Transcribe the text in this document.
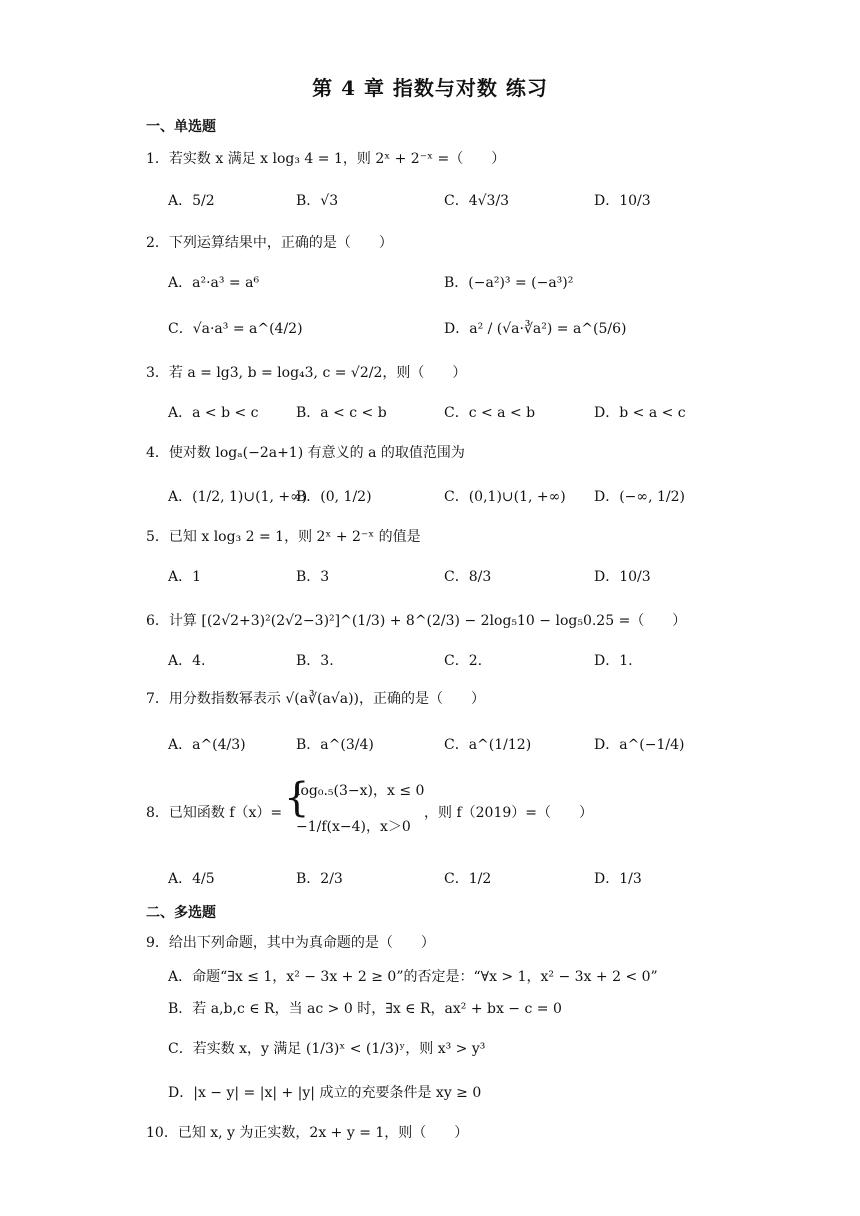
第 4 章 指数与对数 练习
一、单选题
1．若实数 x 满足 x log₃ 4 = 1，则 2ˣ + 2⁻ˣ =（　　）
A．5/2	B．√3	C．4√3/3	D．10/3
2．下列运算结果中，正确的是（　　）
A．a²·a³ = a⁶	B．(−a²)³ = (−a³)²
C．√a·a³ = a^(4/2)	D．a² / (√a·∛a²) = a^(5/6)
3．若 a = lg3, b = log₄3, c = √2/2，则（　　）
A．a < b < c	B．a < c < b	C．c < a < b	D．b < a < c
4．使对数 logₐ(−2a+1) 有意义的 a 的取值范围为
A．(1/2, 1)∪(1, +∞)
B．(0, 1/2)	C．(0,1)∪(1, +∞) D．(−∞, 1/2)
5．已知 x log₃ 2 = 1，则 2ˣ + 2⁻ˣ 的值是
A．1	B．3	C．8/3	D．10/3
6．计算 [(2√2+3)²(2√2−3)²]^(1/3) + 8^(2/3) − 2log₅10 − log₅0.25 =（　　）
A．4.	B．3.	C．2.	D．1.
7．用分数指数幂表示 √(a∛(a√a))，正确的是（　　）
A．a^(4/3)	B．a^(3/4)	C．a^(1/12)	D．a^(−1/4)
8．已知函数 f（x）= {
log₀.₅(3−x)，x ≤ 0
−1/f(x−4)，x＞0
，则 f（2019）=（　　）
A．4/5	B．2/3	C．1/2	D．1/3
二、多选题
9．给出下列命题，其中为真命题的是（　　）
A．命题“∃x ≤ 1，x² − 3x + 2 ≥ 0”的否定是：“∀x > 1，x² − 3x + 2 < 0”
B．若 a,b,c ∈ R，当 ac > 0 时，∃x ∈ R，ax² + bx − c = 0
C．若实数 x，y 满足 (1/3)ˣ < (1/3)ʸ，则 x³ > y³
D．|x − y| = |x| + |y| 成立的充要条件是 xy ≥ 0
10．已知 x, y 为正实数，2x + y = 1，则（　　）
